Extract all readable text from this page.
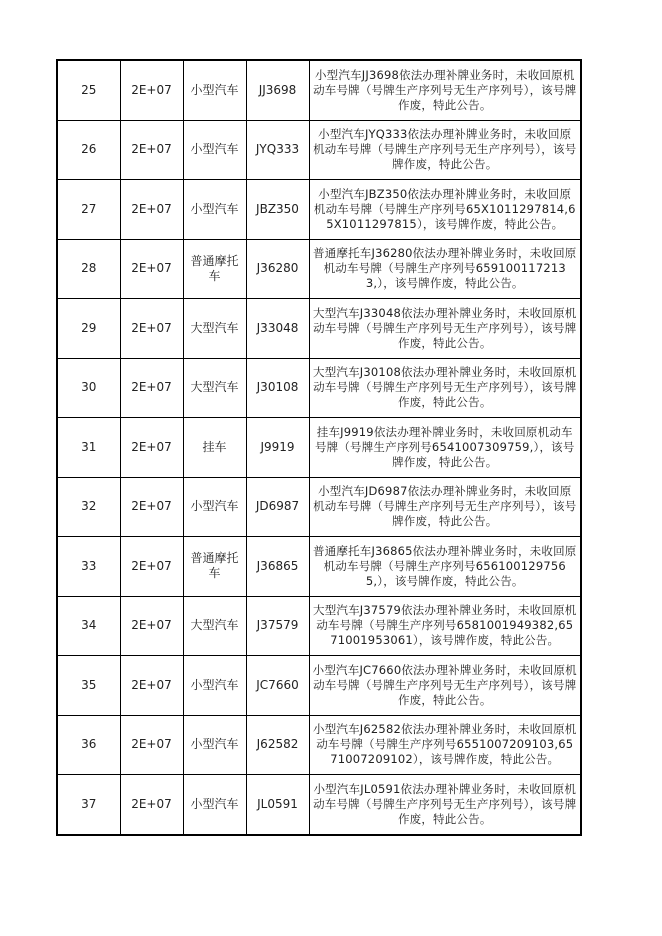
25	2E+07	小型汽车	JJ3698	小型汽车JJ3698依法办理补牌业务时，未收回原机动车号牌（号牌生产序列号无生产序列号），该号牌作废，特此公告。
26	2E+07	小型汽车	JYQ333	小型汽车JYQ333依法办理补牌业务时，未收回原机动车号牌（号牌生产序列号无生产序列号），该号牌作废，特此公告。
27	2E+07	小型汽车	JBZ350	小型汽车JBZ350依法办理补牌业务时，未收回原机动车号牌（号牌生产序列号65X1011297814,65X1011297815），该号牌作废，特此公告。
28	2E+07	普通摩托车	J36280	普通摩托车J36280依法办理补牌业务时，未收回原机动车号牌（号牌生产序列号6591001172133,），该号牌作废，特此公告。
29	2E+07	大型汽车	J33048	大型汽车J33048依法办理补牌业务时，未收回原机动车号牌（号牌生产序列号无生产序列号），该号牌作废，特此公告。
30	2E+07	大型汽车	J30108	大型汽车J30108依法办理补牌业务时，未收回原机动车号牌（号牌生产序列号无生产序列号），该号牌作废，特此公告。
31	2E+07	挂车	J9919	挂车J9919依法办理补牌业务时，未收回原机动车号牌（号牌生产序列号6541007309759,），该号牌作废，特此公告。
32	2E+07	小型汽车	JD6987	小型汽车JD6987依法办理补牌业务时，未收回原机动车号牌（号牌生产序列号无生产序列号），该号牌作废，特此公告。
33	2E+07	普通摩托车	J36865	普通摩托车J36865依法办理补牌业务时，未收回原机动车号牌（号牌生产序列号6561001297565,），该号牌作废，特此公告。
34	2E+07	大型汽车	J37579	大型汽车J37579依法办理补牌业务时，未收回原机动车号牌（号牌生产序列号6581001949382,6571001953061），该号牌作废，特此公告。
35	2E+07	小型汽车	JC7660	小型汽车JC7660依法办理补牌业务时，未收回原机动车号牌（号牌生产序列号无生产序列号），该号牌作废，特此公告。
36	2E+07	小型汽车	J62582	小型汽车J62582依法办理补牌业务时，未收回原机动车号牌（号牌生产序列号6551007209103,6571007209102），该号牌作废，特此公告。
37	2E+07	小型汽车	JL0591	小型汽车JL0591依法办理补牌业务时，未收回原机动车号牌（号牌生产序列号无生产序列号），该号牌作废，特此公告。
